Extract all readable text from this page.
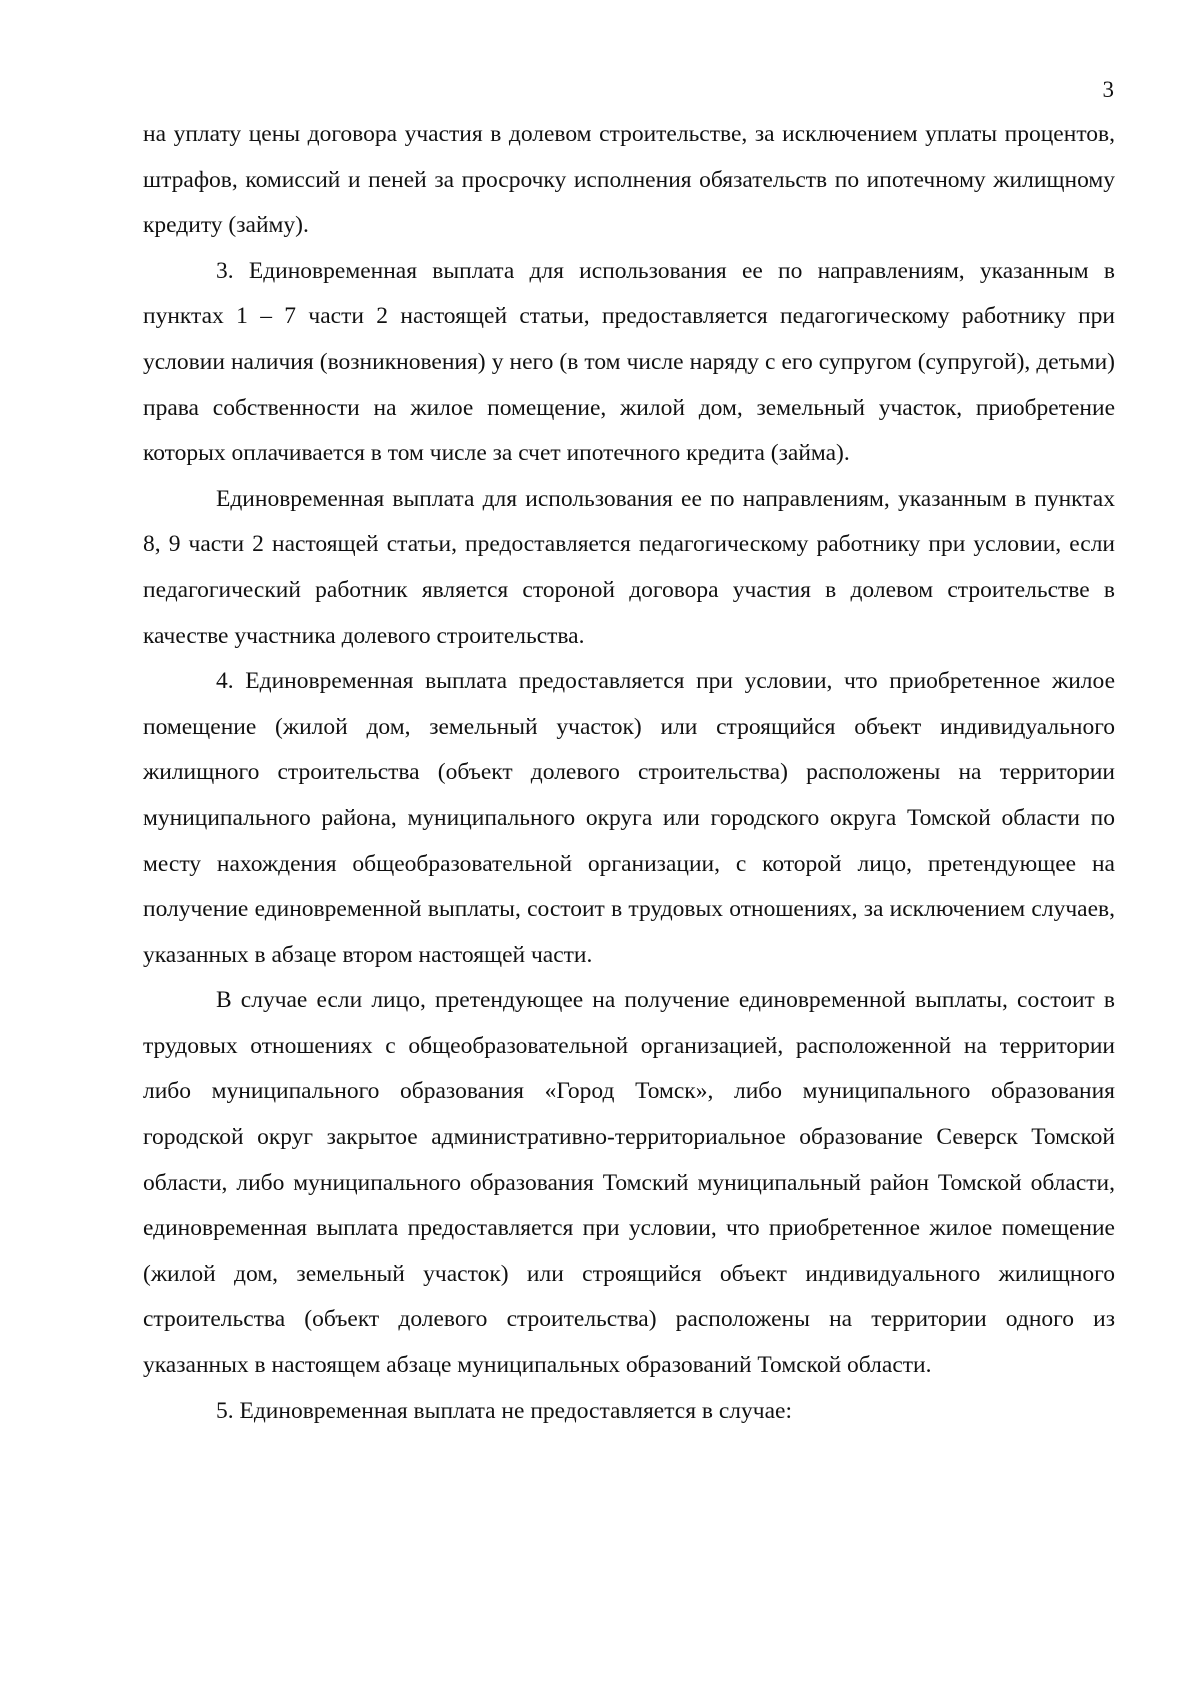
3

на уплату цены договора участия в долевом строительстве, за исключением уплаты процентов, штрафов, комиссий и пеней за просрочку исполнения обязательств по ипотечному жилищному кредиту (займу).

3. Единовременная выплата для использования ее по направлениям, указанным в пунктах 1 – 7 части 2 настоящей статьи, предоставляется педагогическому работнику при условии наличия (возникновения) у него (в том числе наряду с его супругом (супругой), детьми) права собственности на жилое помещение, жилой дом, земельный участок, приобретение которых оплачивается в том числе за счет ипотечного кредита (займа).

Единовременная выплата для использования ее по направлениям, указанным в пунктах 8, 9 части 2 настоящей статьи, предоставляется педагогическому работнику при условии, если педагогический работник является стороной договора участия в долевом строительстве в качестве участника долевого строительства.

4. Единовременная выплата предоставляется при условии, что приобретенное жилое помещение (жилой дом, земельный участок) или строящийся объект индивидуального жилищного строительства (объект долевого строительства) расположены на территории муниципального района, муниципального округа или городского округа Томской области по месту нахождения общеобразовательной организации, с которой лицо, претендующее на получение единовременной выплаты, состоит в трудовых отношениях, за исключением случаев, указанных в абзаце втором настоящей части.

В случае если лицо, претендующее на получение единовременной выплаты, состоит в трудовых отношениях с общеобразовательной организацией, расположенной на территории либо муниципального образования «Город Томск», либо муниципального образования городской округ закрытое административно-территориальное образование Северск Томской области, либо муниципального образования Томский муниципальный район Томской области, единовременная выплата предоставляется при условии, что приобретенное жилое помещение (жилой дом, земельный участок) или строящийся объект индивидуального жилищного строительства (объект долевого строительства) расположены на территории одного из указанных в настоящем абзаце муниципальных образований Томской области.

5. Единовременная выплата не предоставляется в случае:
